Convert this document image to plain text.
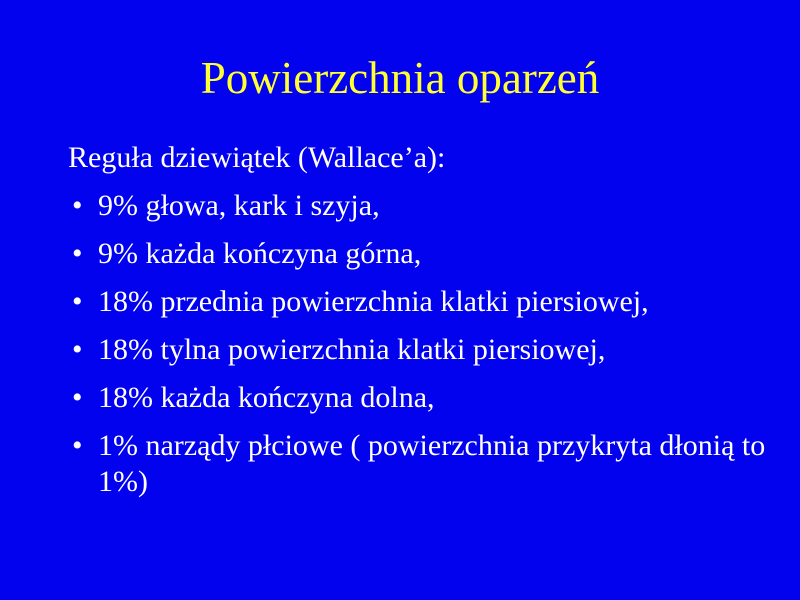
Powierzchnia oparzeń

Reguła dziewiątek (Wallace’a):

• 9% głowa, kark i szyja,
• 9% każda kończyna górna,
• 18% przednia powierzchnia klatki piersiowej,
• 18% tylna powierzchnia klatki piersiowej,
• 18% każda kończyna dolna,
• 1% narządy płciowe ( powierzchnia przykryta dłonią to 1%)
